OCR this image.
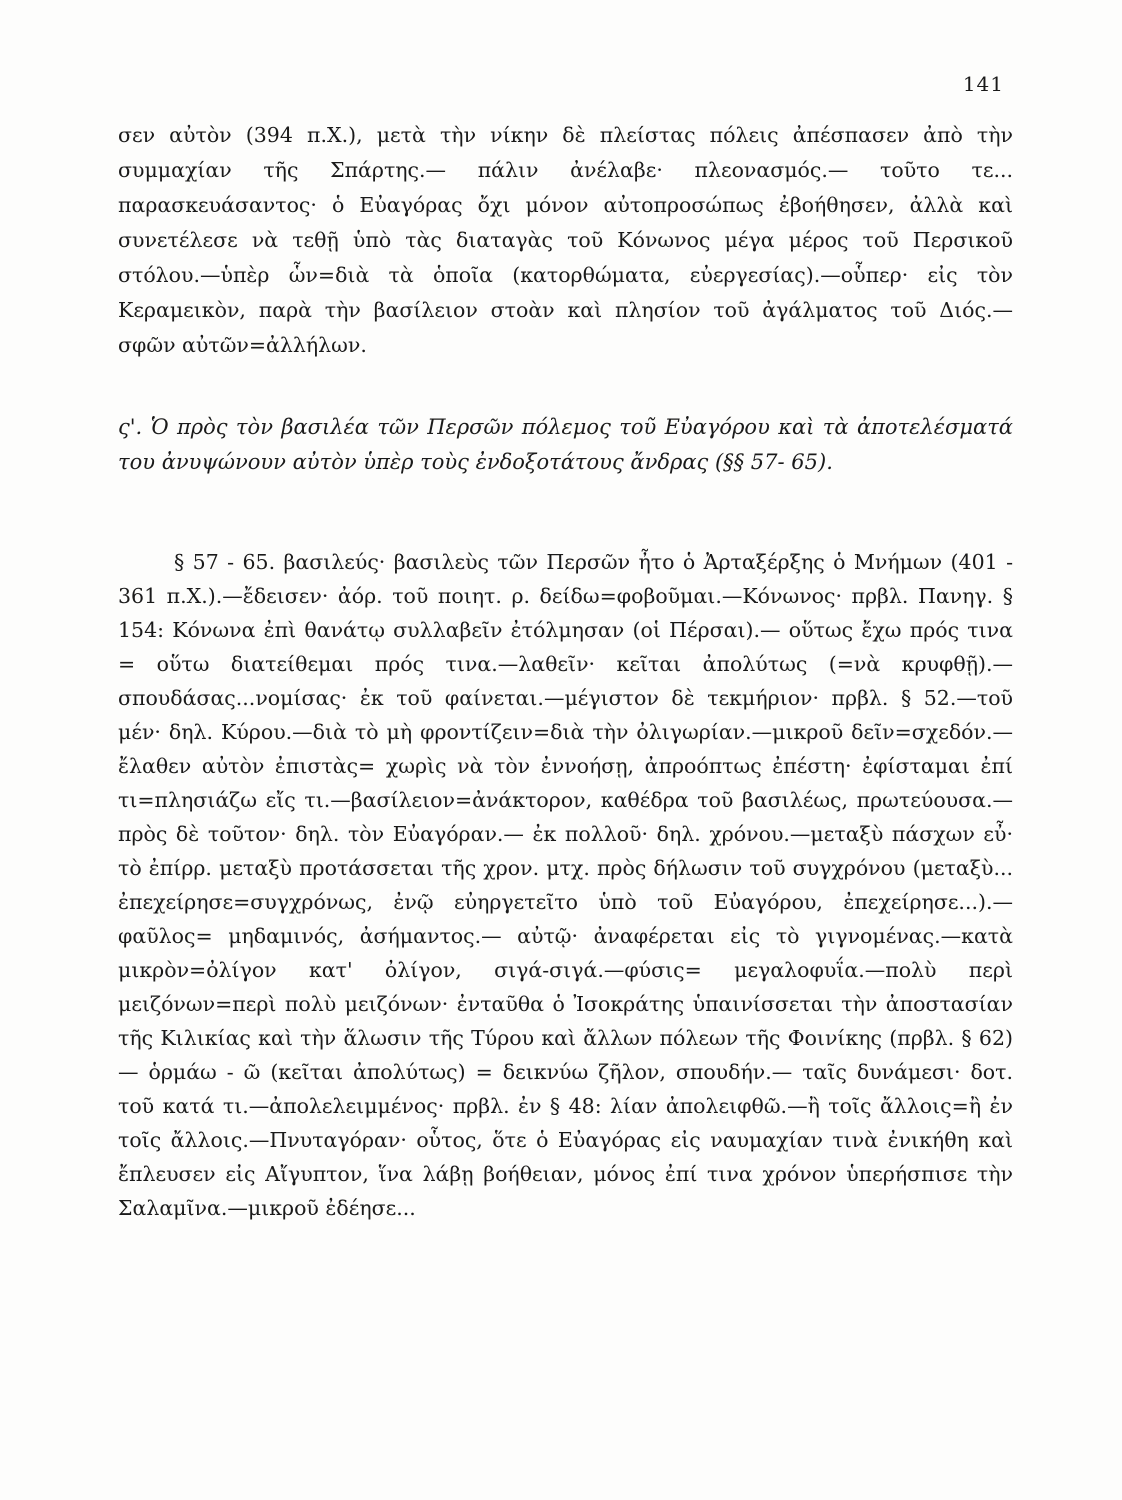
141

σεν αὐτὸν (394 π.Χ.), μετὰ τὴν νίκην δὲ πλείστας πόλεις ἀπέσπασεν ἀπὸ τὴν συμμαχίαν τῆς Σπάρτης.— πάλιν ἀνέλαβε· πλεονασμός.— τοῦτο τε... παρασκευάσαντος· ὁ Εὐαγόρας ὄχι μόνον αὐτοπροσώπως ἐβοήθησεν, ἀλλὰ καὶ συνετέλεσε νὰ τεθῇ ὑπὸ τὰς διαταγὰς τοῦ Κόνωνος μέγα μέρος τοῦ Περσικοῦ στόλου.—ὑπὲρ ὧν=διὰ τὰ ὁποῖα (κατορθώματα, εὐεργεσίας).—οὗπερ· εἰς τὸν Κεραμεικὸν, παρὰ τὴν βασίλειον στοὰν καὶ πλησίον τοῦ ἀγάλματος τοῦ Διός.— σφῶν αὐτῶν=ἀλλήλων.

ς'. Ὁ πρὸς τὸν βασιλέα τῶν Περσῶν πόλεμος τοῦ Εὐαγόρου καὶ τὰ ἀποτελέσματά του ἀνυψώνουν αὐτὸν ὑπὲρ τοὺς ἐνδοξοτάτους ἄνδρας (§§ 57- 65).

§ 57 - 65. βασιλεύς· βασιλεὺς τῶν Περσῶν ἦτο ὁ Ἀρταξέρξης ὁ Μνήμων (401 - 361 π.Χ.).—ἔδεισεν· ἀόρ. τοῦ ποιητ. ρ. δείδω=φοβοῦμαι.—Κόνωνος· πρβλ. Πανηγ. § 154: Κόνωνα ἐπὶ θανάτῳ συλλαβεῖν ἐτόλμησαν (οἱ Πέρσαι).— οὕτως ἔχω πρός τινα = οὕτω διατείθεμαι πρός τινα.—λαθεῖν· κεῖται ἀπολύτως (=νὰ κρυφθῇ).— σπουδάσας...νομίσας· ἐκ τοῦ φαίνεται.—μέγιστον δὲ τεκμήριον· πρβλ. § 52.—τοῦ μέν· δηλ. Κύρου.—διὰ τὸ μὴ φροντίζειν=διὰ τὴν ὀλιγωρίαν.—μικροῦ δεῖν=σχεδόν.—ἔλαθεν αὐτὸν ἐπιστὰς= χωρὶς νὰ τὸν ἐννοήσῃ, ἀπροόπτως ἐπέστη· ἐφίσταμαι ἐπί τι=πλησιάζω εἴς τι.—βασίλειον=ἀνάκτορον, καθέδρα τοῦ βασιλέως, πρωτεύουσα.— πρὸς δὲ τοῦτον· δηλ. τὸν Εὐαγόραν.— ἐκ πολλοῦ· δηλ. χρόνου.—μεταξὺ πάσχων εὖ· τὸ ἐπίρρ. μεταξὺ προτάσσεται τῆς χρον. μτχ. πρὸς δήλωσιν τοῦ συγχρόνου (μεταξὺ... ἐπεχείρησε=συγχρόνως, ἐνῷ εὐηργετεῖτο ὑπὸ τοῦ Εὐαγόρου, ἐπεχείρησε...).—φαῦλος= μηδαμινός, ἀσήμαντος.— αὐτῷ· ἀναφέρεται εἰς τὸ γιγνομένας.—κατὰ μικρὸν=ὀλίγον κατ' ὀλίγον, σιγά-σιγά.—φύσις= μεγαλοφυΐα.—πολὺ περὶ μειζόνων=περὶ πολὺ μειζόνων· ἐνταῦθα ὁ Ἰσοκράτης ὑπαινίσσεται τὴν ἀποστασίαν τῆς Κιλικίας καὶ τὴν ἅλωσιν τῆς Τύρου καὶ ἄλλων πόλεων τῆς Φοινίκης (πρβλ. § 62) — ὁρμάω - ῶ (κεῖται ἀπολύτως) = δεικνύω ζῆλον, σπουδήν.— ταῖς δυνάμεσι· δοτ. τοῦ κατά τι.—ἀπολελειμμένος· πρβλ. ἐν § 48: λίαν ἀπολειφθῶ.—ἢ τοῖς ἄλλοις=ἢ ἐν τοῖς ἄλλοις.—Πνυταγόραν· οὗτος, ὅτε ὁ Εὐαγόρας εἰς ναυμαχίαν τινὰ ἐνικήθη καὶ ἔπλευσεν εἰς Αἴγυπτον, ἵνα λάβῃ βοήθειαν, μόνος ἐπί τινα χρόνον ὑπερήσπισε τὴν Σαλαμῖνα.—μικροῦ ἐδέησε...
